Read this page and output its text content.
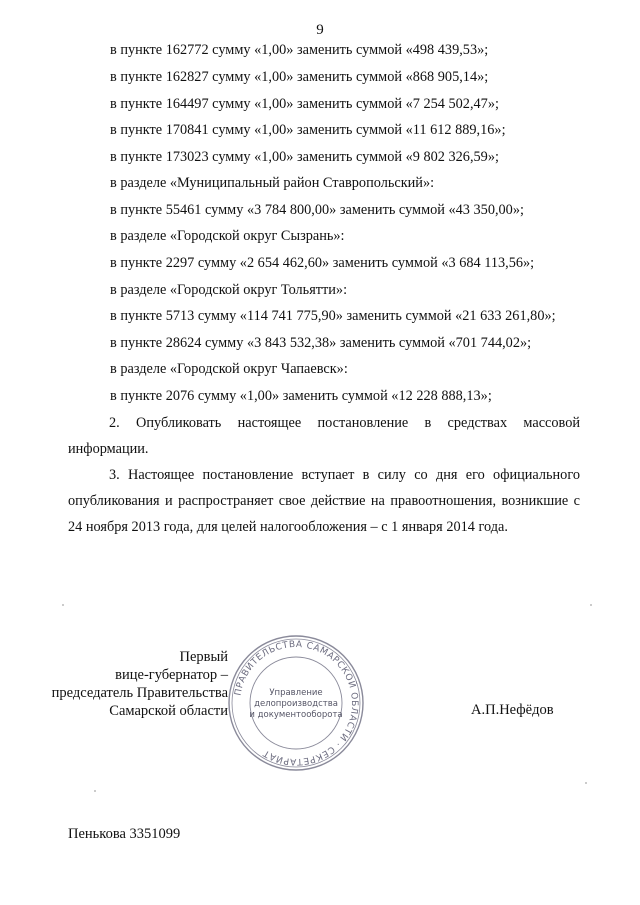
9
в пункте 162772 сумму «1,00» заменить суммой «498 439,53»;
в пункте 162827 сумму «1,00» заменить суммой «868 905,14»;
в пункте 164497 сумму «1,00» заменить суммой «7 254 502,47»;
в пункте 170841 сумму «1,00» заменить суммой «11 612 889,16»;
в пункте 173023 сумму «1,00» заменить суммой «9 802 326,59»;
в разделе «Муниципальный район Ставропольский»:
в пункте 55461 сумму «3 784 800,00» заменить суммой «43 350,00»;
в разделе «Городской округ Сызрань»:
в пункте 2297 сумму «2 654 462,60» заменить суммой «3 684 113,56»;
в разделе «Городской округ Тольятти»:
в пункте 5713 сумму «114 741 775,90» заменить суммой «21 633 261,80»;
в пункте 28624 сумму «3 843 532,38» заменить суммой «701 744,02»;
в разделе «Городской округ Чапаевск»:
в пункте 2076 сумму «1,00» заменить суммой «12 228 888,13»;
2. Опубликовать настоящее постановление в средствах массовой информации.
3. Настоящее постановление вступает в силу со дня его официального опубликования и распространяет свое действие на правоотношения, возникшие с 24 ноября 2013 года, для целей налогообложения – с 1 января 2014 года.
Первый
вице-губернатор –
председатель Правительства
Самарской области
ПРАВИТЕЛЬСТВА САМАРСКОЙ ОБЛАСТИ · СЕКРЕТАРИАТ
Управление
делопроизводства
и документооборота	А.П.Нефёдов
Пенькова 3351099
